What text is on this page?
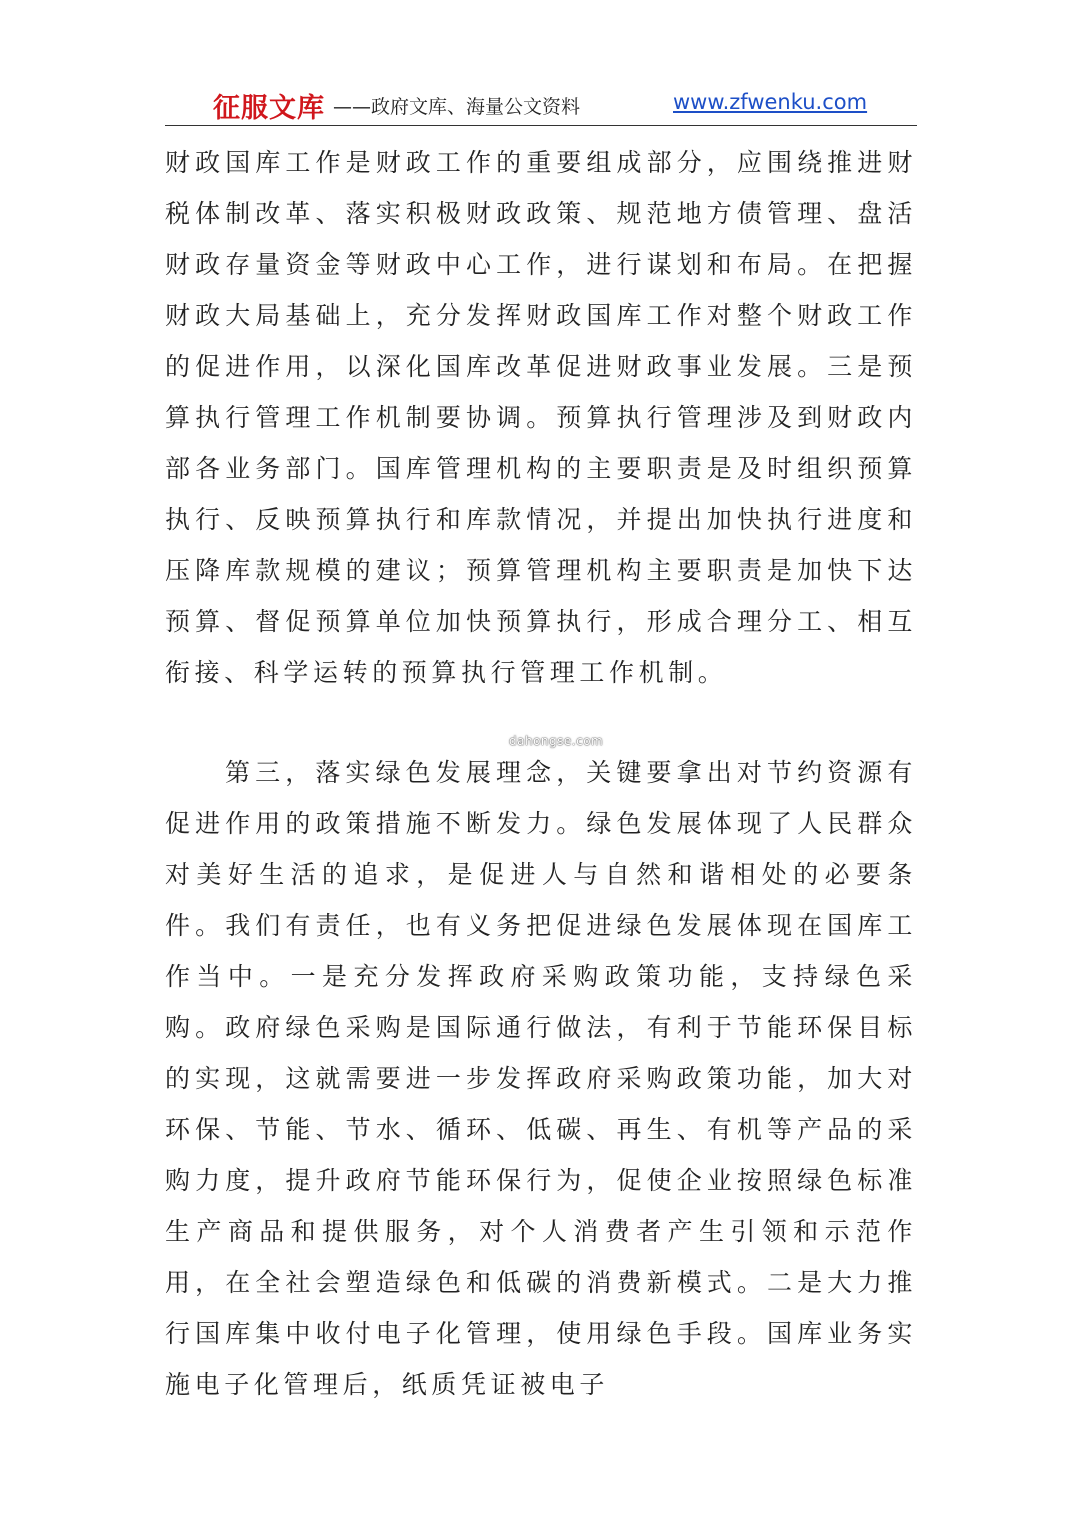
征服文库 ——政府文库、海量公文资料	www.zfwenku.com

财政国库工作是财政工作的重要组成部分，应围绕推进财税体制改革、落实积极财政政策、规范地方债管理、盘活财政存量资金等财政中心工作，进行谋划和布局。在把握财政大局基础上，充分发挥财政国库工作对整个财政工作的促进作用，以深化国库改革促进财政事业发展。三是预算执行管理工作机制要协调。预算执行管理涉及到财政内部各业务部门。国库管理机构的主要职责是及时组织预算执行、反映预算执行和库款情况，并提出加快执行进度和压降库款规模的建议；预算管理机构主要职责是加快下达预算、督促预算单位加快预算执行，形成合理分工、相互衔接、科学运转的预算执行管理工作机制。

dahongse.com

第三，落实绿色发展理念，关键要拿出对节约资源有促进作用的政策措施不断发力。绿色发展体现了人民群众对美好生活的追求，是促进人与自然和谐相处的必要条件。我们有责任，也有义务把促进绿色发展体现在国库工作当中。一是充分发挥政府采购政策功能，支持绿色采购。政府绿色采购是国际通行做法，有利于节能环保目标的实现，这就需要进一步发挥政府采购政策功能，加大对环保、节能、节水、循环、低碳、再生、有机等产品的采购力度，提升政府节能环保行为，促使企业按照绿色标准生产商品和提供服务，对个人消费者产生引领和示范作用，在全社会塑造绿色和低碳的消费新模式。二是大力推行国库集中收付电子化管理，使用绿色手段。国库业务实施电子化管理后，纸质凭证被电子
